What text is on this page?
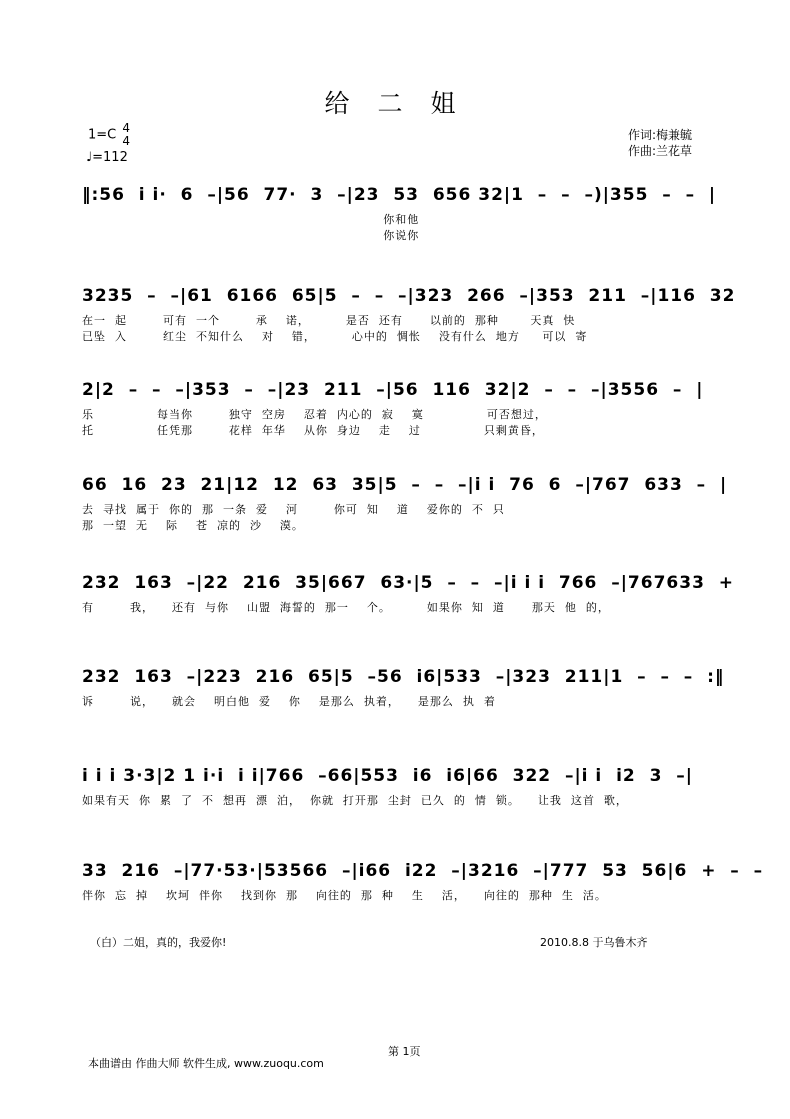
给 二 姐
1=C 4
4
♩=112
作词:梅兼毓
作曲:兰花草
‖:56  i i·  6  –|56  77·  3  –|23  53  656 32|1  –  –  –)|355  –  –  |
你和他
你说你
3235  –  –|61  6166  65|5  –  –  –|323  266  –|353  211  –|116  32
在一  起        可有  一个        承    诺，        是否  还有      以前的  那种       天真  快
已坠  入        红尘  不知什么    对    错，        心中的  惆怅    没有什么  地方     可以  寄
2|2  –  –  –|353  –  –|23  211  –|56  116  32|2  –  –  –|3556  –  |
乐              每当你        独守  空房    忍着  内心的  寂    寞              可否想过，
托              任凭那        花样  年华    从你  身边    走    过              只剩黄昏，
66  16  23  21|12  12  63  35|5  –  –  –|i i  76  6  –|767  633  –  |
去  寻找  属于  你的  那  一条  爱    河        你可  知    道    爱你的  不  只
那  一望  无    际    苍  凉的  沙    漠。
232  163  –|22  216  35|667  63·|5  –  –  –|i i i  766  –|767633  +
有        我，    还有  与你    山盟  海誓的  那一    个。        如果你  知  道      那天  他  的，
232  163  –|223  216  65|5  –56  i6|533  –|323  211|1  –  –  –  :‖
诉        说，    就会    明白他  爱    你    是那么  执着，    是那么  执  着
i i i 3·3|2 1 i·i  i i|766  –66|553  i6  i6|66  322  –|i i  i2  3  –|
如果有天  你  累  了  不  想再  漂  泊，  你就  打开那  尘封  已久  的  情  锁。    让我  这首  歌，
33  216  –|77·53·|53566  –|i66  i22  –|3216  –|777  53  56|6  +  –  –
伴你  忘  掉    坎坷  伴你    找到你  那    向往的  那  种    生    活，    向往的  那种  生  活。
（白）二姐，真的，我爱你!	2010.8.8 于乌鲁木齐
第 1页
本曲谱由 作曲大师 软件生成, www.zuoqu.com
